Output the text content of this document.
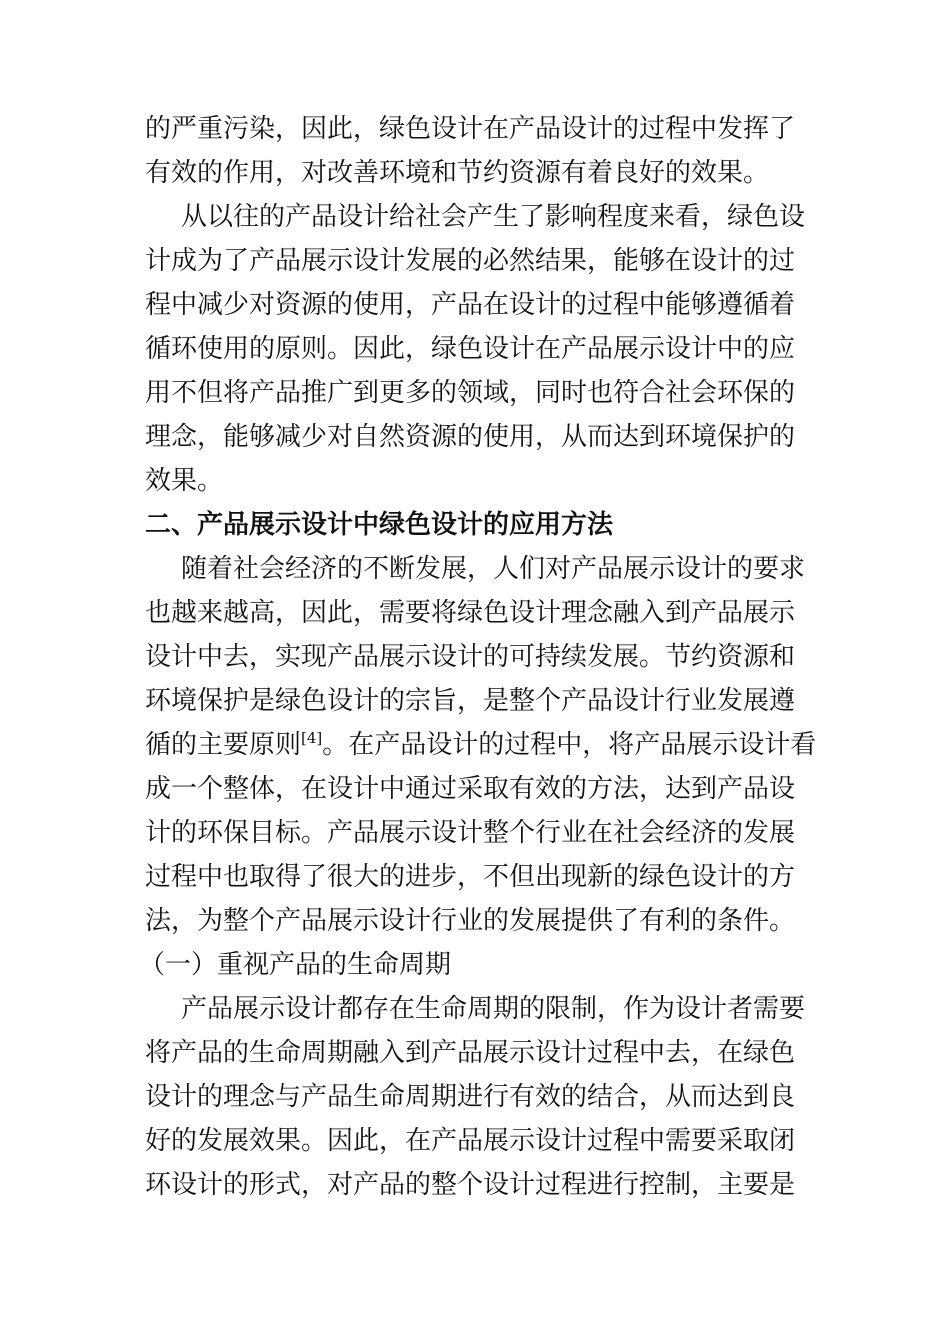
的严重污染，因此，绿色设计在产品设计的过程中发挥了
有效的作用，对改善环境和节约资源有着良好的效果。
从以往的产品设计给社会产生了影响程度来看，绿色设
计成为了产品展示设计发展的必然结果，能够在设计的过
程中减少对资源的使用，产品在设计的过程中能够遵循着
循环使用的原则。因此，绿色设计在产品展示设计中的应
用不但将产品推广到更多的领域，同时也符合社会环保的
理念，能够减少对自然资源的使用，从而达到环境保护的
效果。
二、产品展示设计中绿色设计的应用方法
随着社会经济的不断发展，人们对产品展示设计的要求
也越来越高，因此，需要将绿色设计理念融入到产品展示
设计中去，实现产品展示设计的可持续发展。节约资源和
环境保护是绿色设计的宗旨，是整个产品设计行业发展遵
循的主要原则[4]。在产品设计的过程中，将产品展示设计看
成一个整体，在设计中通过采取有效的方法，达到产品设
计的环保目标。产品展示设计整个行业在社会经济的发展
过程中也取得了很大的进步，不但出现新的绿色设计的方
法，为整个产品展示设计行业的发展提供了有利的条件。
（一）重视产品的生命周期
产品展示设计都存在生命周期的限制，作为设计者需要
将产品的生命周期融入到产品展示设计过程中去，在绿色
设计的理念与产品生命周期进行有效的结合，从而达到良
好的发展效果。因此，在产品展示设计过程中需要采取闭
环设计的形式，对产品的整个设计过程进行控制，主要是
